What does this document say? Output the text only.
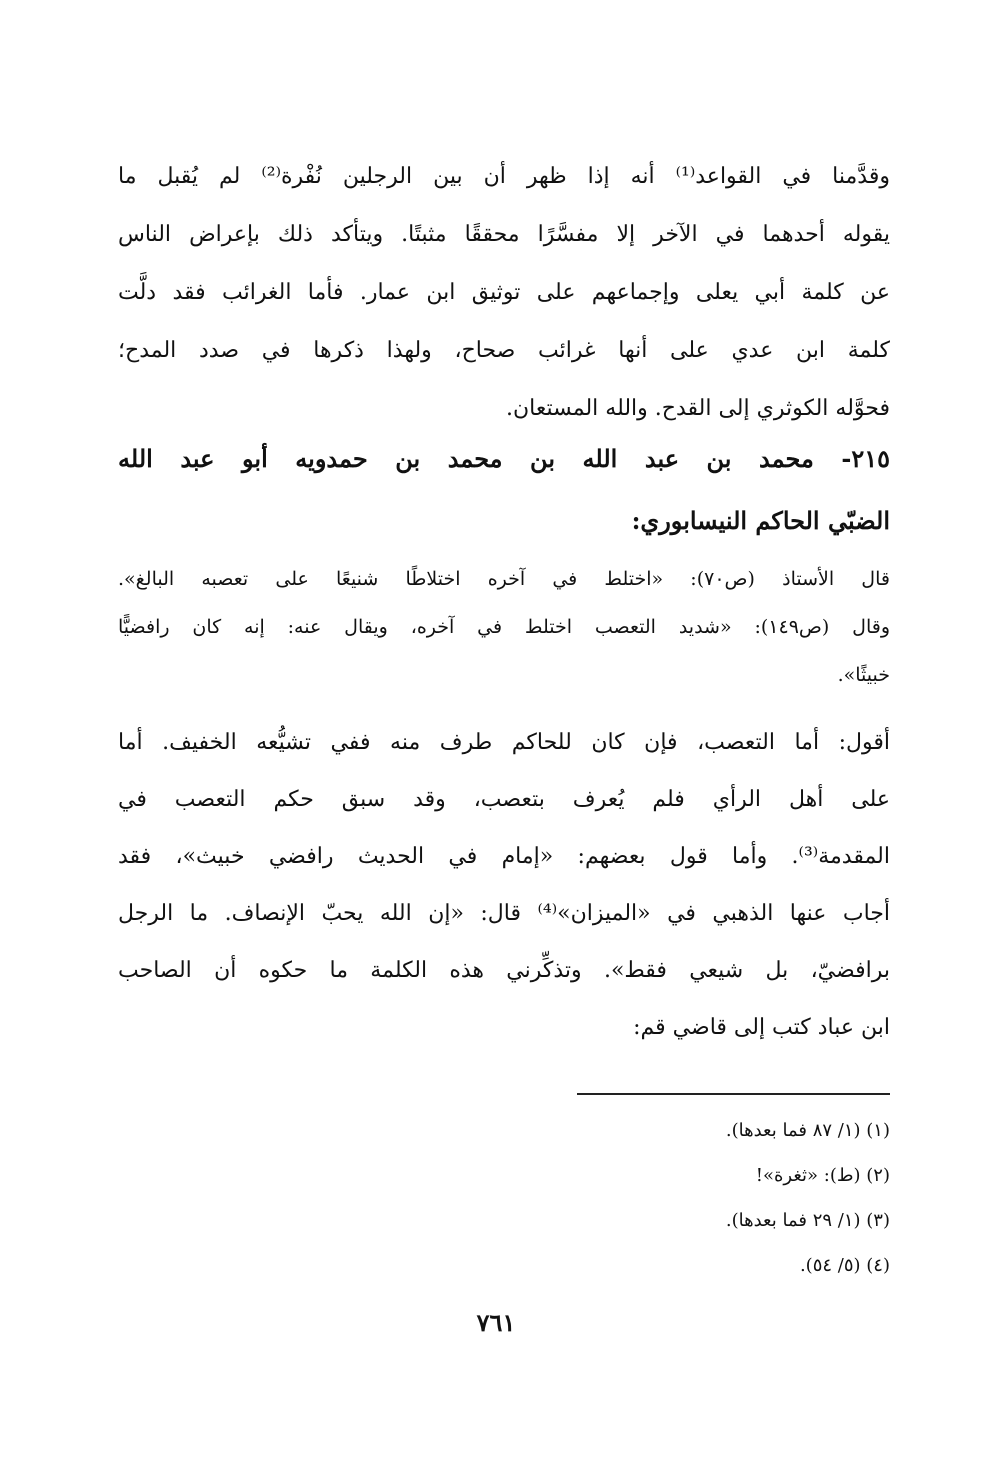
وقدَّمنا في القواعد⁽¹⁾ أنه إذا ظهر أن بين الرجلين نُفْرة⁽²⁾ لم يُقبل ما
يقوله أحدهما في الآخر إلا مفسَّرًا محققًا مثبتًا. ويتأكد ذلك بإعراض الناس
عن كلمة أبي يعلى وإجماعهم على توثيق ابن عمار. فأما الغرائب فقد دلَّت
كلمة ابن عدي على أنها غرائب صحاح، ولهذا ذكرها في صدد المدح؛
فحوَّله الكوثري إلى القدح. والله المستعان.
٢١٥- محمد بن عبد الله بن محمد بن حمدويه أبو عبد الله
الضبّي الحاكم النيسابوري:
قال الأستاذ (ص٧٠): «اختلط في آخره اختلاطًا شنيعًا على تعصبه البالغ».
وقال (ص١٤٩): «شديد التعصب اختلط في آخره، ويقال عنه: إنه كان رافضيًّا
خبيثًا».
أقول: أما التعصب، فإن كان للحاكم طرف منه ففي تشيُّعه الخفيف. أما
على أهل الرأي فلم يُعرف بتعصب، وقد سبق حكم التعصب في
المقدمة⁽³⁾. وأما قول بعضهم: «إمام في الحديث رافضي خبيث»، فقد
أجاب عنها الذهبي في «الميزان»⁽⁴⁾ قال: «إن الله يحبّ الإنصاف. ما الرجل
برافضيّ، بل شيعي فقط». وتذكِّرني هذه الكلمة ما حكوه أن الصاحب
ابن عباد كتب إلى قاضي قم:
(١) (١/ ٨٧ فما بعدها).
(٢) (ط): «ثغرة»!
(٣) (١/ ٢٩ فما بعدها).
(٤) (٥/ ٥٤).
٧٦١
